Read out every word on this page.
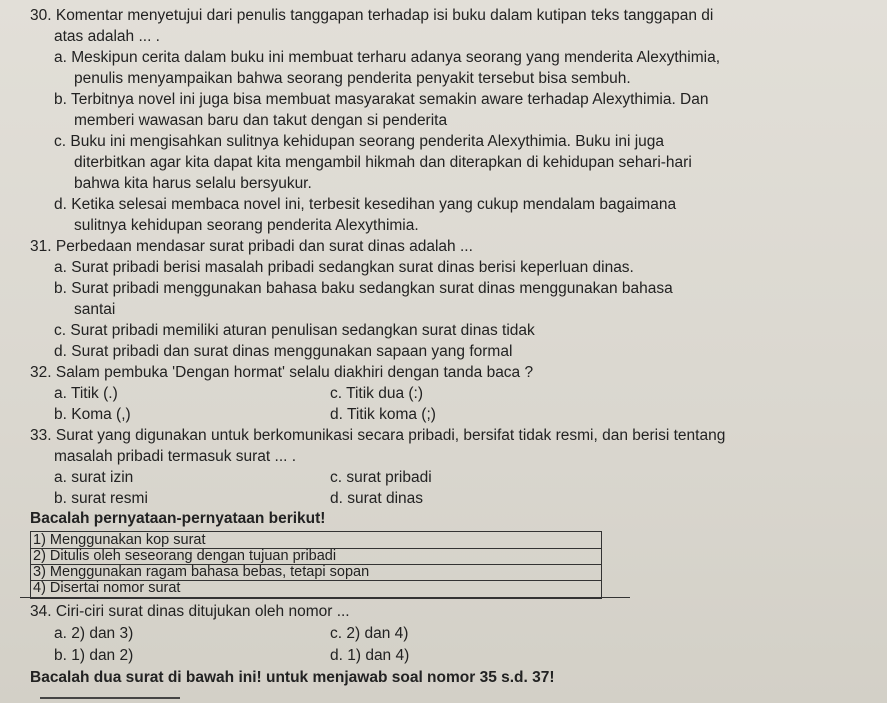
30. Komentar menyetujui dari penulis tanggapan terhadap isi buku dalam kutipan teks tanggapan di
atas adalah ... .
a. Meskipun cerita dalam buku ini membuat terharu adanya seorang yang menderita Alexythimia,
penulis menyampaikan bahwa seorang penderita penyakit tersebut bisa sembuh.
b. Terbitnya novel ini juga bisa membuat masyarakat semakin aware terhadap Alexythimia. Dan
memberi wawasan baru dan takut dengan si penderita
c. Buku ini mengisahkan sulitnya kehidupan seorang penderita Alexythimia. Buku ini juga
diterbitkan agar kita dapat kita mengambil hikmah dan diterapkan di kehidupan sehari-hari
bahwa kita harus selalu bersyukur.
d. Ketika selesai membaca novel ini, terbesit kesedihan yang cukup mendalam bagaimana
sulitnya kehidupan seorang penderita Alexythimia.
31. Perbedaan mendasar surat pribadi dan surat dinas adalah ...
a. Surat pribadi berisi masalah pribadi sedangkan surat dinas berisi keperluan dinas.
b. Surat pribadi menggunakan bahasa baku sedangkan surat dinas menggunakan bahasa
santai
c. Surat pribadi memiliki aturan penulisan sedangkan surat dinas tidak
d. Surat pribadi dan surat dinas menggunakan sapaan yang formal
32. Salam pembuka 'Dengan hormat' selalu diakhiri dengan tanda baca ?
a. Titik (.)
b. Koma (,)
c. Titik dua (:)
d. Titik koma (;)
33. Surat yang digunakan untuk berkomunikasi secara pribadi, bersifat tidak resmi, dan berisi tentang
masalah pribadi termasuk surat ... .
a. surat izin
b. surat resmi
c. surat pribadi
d. surat dinas
Bacalah pernyataan-pernyataan berikut!
1) Menggunakan kop surat
2) Ditulis oleh seseorang dengan tujuan pribadi
3) Menggunakan ragam bahasa bebas, tetapi sopan
4) Disertai nomor surat
34. Ciri-ciri surat dinas ditujukan oleh nomor ...
a. 2) dan 3)
b. 1) dan 2)
c. 2) dan 4)
d. 1) dan 4)
Bacalah dua surat di bawah ini! untuk menjawab soal nomor 35 s.d. 37!
